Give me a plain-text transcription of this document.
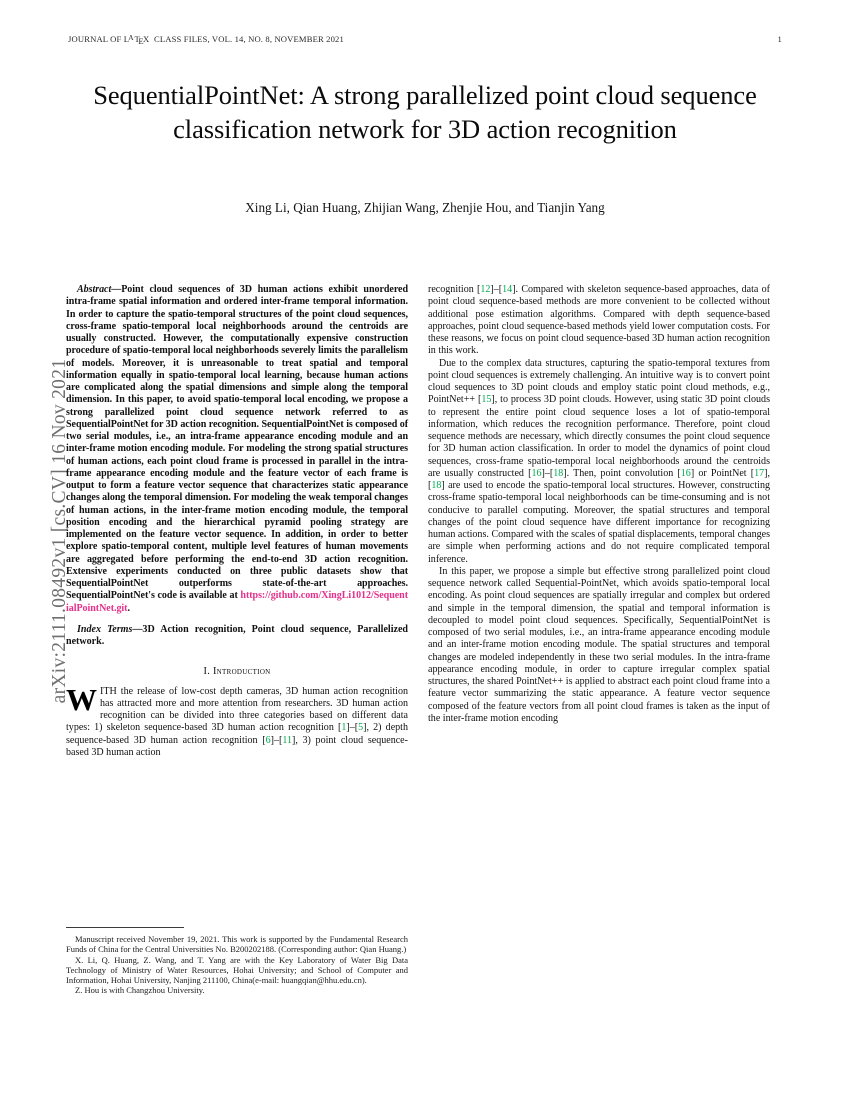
JOURNAL OF $L^ATEX$ CLASS FILES, VOL. 14, NO. 8, NOVEMBER 2021	1
arXiv:2111.08492v1 [cs.CV] 16 Nov 2021
SequentialPointNet: A strong parallelized point cloud sequence classification network for 3D action recognition
Xing Li, Qian Huang, Zhijian Wang, Zhenjie Hou, and Tianjin Yang

Abstract—Point cloud sequences of 3D human actions exhibit unordered intra-frame spatial information and ordered inter-frame temporal information. In order to capture the spatio-temporal structures of the point cloud sequences, cross-frame spatio-temporal local neighborhoods around the centroids are usually constructed. However, the computationally expensive construction procedure of spatio-temporal local neighborhoods severely limits the parallelism of models. Moreover, it is unreasonable to treat spatial and temporal information equally in spatio-temporal local learning, because human actions are complicated along the spatial dimensions and simple along the temporal dimension. In this paper, to avoid spatio-temporal local encoding, we propose a strong parallelized point cloud sequence network referred to as SequentialPointNet for 3D action recognition. SequentialPointNet is composed of two serial modules, i.e., an intra-frame appearance encoding module and an inter-frame motion encoding module. For modeling the strong spatial structures of human actions, each point cloud frame is processed in parallel in the intra-frame appearance encoding module and the feature vector of each frame is output to form a feature vector sequence that characterizes static appearance changes along the temporal dimension. For modeling the weak temporal changes of human actions, in the inter-frame motion encoding module, the temporal position encoding and the hierarchical pyramid pooling strategy are implemented on the feature vector sequence. In addition, in order to better explore spatio-temporal content, multiple level features of human movements are aggregated before performing the end-to-end 3D action recognition. Extensive experiments conducted on three public datasets show that SequentialPointNet outperforms state-of-the-art approaches. SequentialPointNet's code is available at https://github.com/XingLi1012/SequentialPointNet.git.

Index Terms—3D Action recognition, Point cloud sequence, Parallelized network.

I. Introduction

WITH the release of low-cost depth cameras, 3D human action recognition has attracted more and more attention from researchers. 3D human action recognition can be divided into three categories based on different data types: 1) skeleton sequence-based 3D human action recognition [1]–[5], 2) depth sequence-based 3D human action recognition [6]–[11], 3) point cloud sequence-based 3D human action

recognition [12]–[14]. Compared with skeleton sequence-based approaches, data of point cloud sequence-based methods are more convenient to be collected without additional pose estimation algorithms. Compared with depth sequence-based approaches, point cloud sequence-based methods yield lower computation costs. For these reasons, we focus on point cloud sequence-based 3D human action recognition in this work.

Due to the complex data structures, capturing the spatio-temporal textures from point cloud sequences is extremely challenging. An intuitive way is to convert point cloud sequences to 3D point clouds and employ static point cloud methods, e.g., PointNet++ [15], to process 3D point clouds. However, using static 3D point clouds to represent the entire point cloud sequence loses a lot of spatio-temporal information, which reduces the recognition performance. Therefore, point cloud sequence methods are necessary, which directly consumes the point cloud sequence for 3D human action classification. In order to model the dynamics of point cloud sequences, cross-frame spatio-temporal local neighborhoods around the centroids are usually constructed [16]–[18]. Then, point convolution [16] or PointNet [17], [18] are used to encode the spatio-temporal local structures. However, constructing cross-frame spatio-temporal local neighborhoods can be time-consuming and is not conducive to parallel computing. Moreover, the spatial structures and temporal changes of the point cloud sequence have different importance for recognizing human actions. Compared with the scales of spatial displacements, temporal changes are simple when performing actions and do not require complicated temporal inference.

In this paper, we propose a simple but effective strong parallelized point cloud sequence network called Sequential-PointNet, which avoids spatio-temporal local encoding. As point cloud sequences are spatially irregular and complex but ordered and simple in the temporal dimension, the spatial and temporal information is decoupled to model point cloud sequences. Specifically, SequentialPointNet is composed of two serial modules, i.e., an intra-frame appearance encoding module and an inter-frame motion encoding module. The spatial structures and temporal changes are modeled independently in these two serial modules. In the intra-frame appearance encoding module, in order to capture irregular complex spatial structures, the shared PointNet++ is applied to abstract each point cloud frame into a feature vector summarizing the static appearance. A feature vector sequence composed of the feature vectors from all point cloud frames is taken as the input of the inter-frame motion encoding

Manuscript received November 19, 2021. This work is supported by the Fundamental Research Funds of China for the Central Universities No. B200202188. (Corresponding author: Qian Huang.)

X. Li, Q. Huang, Z. Wang, and T. Yang are with the Key Laboratory of Water Big Data Technology of Ministry of Water Resources, Hohai University; and School of Computer and Information, Hohai University, Nanjing 211100, China(e-mail: huangqian@hhu.edu.cn).

Z. Hou is with Changzhou University.
